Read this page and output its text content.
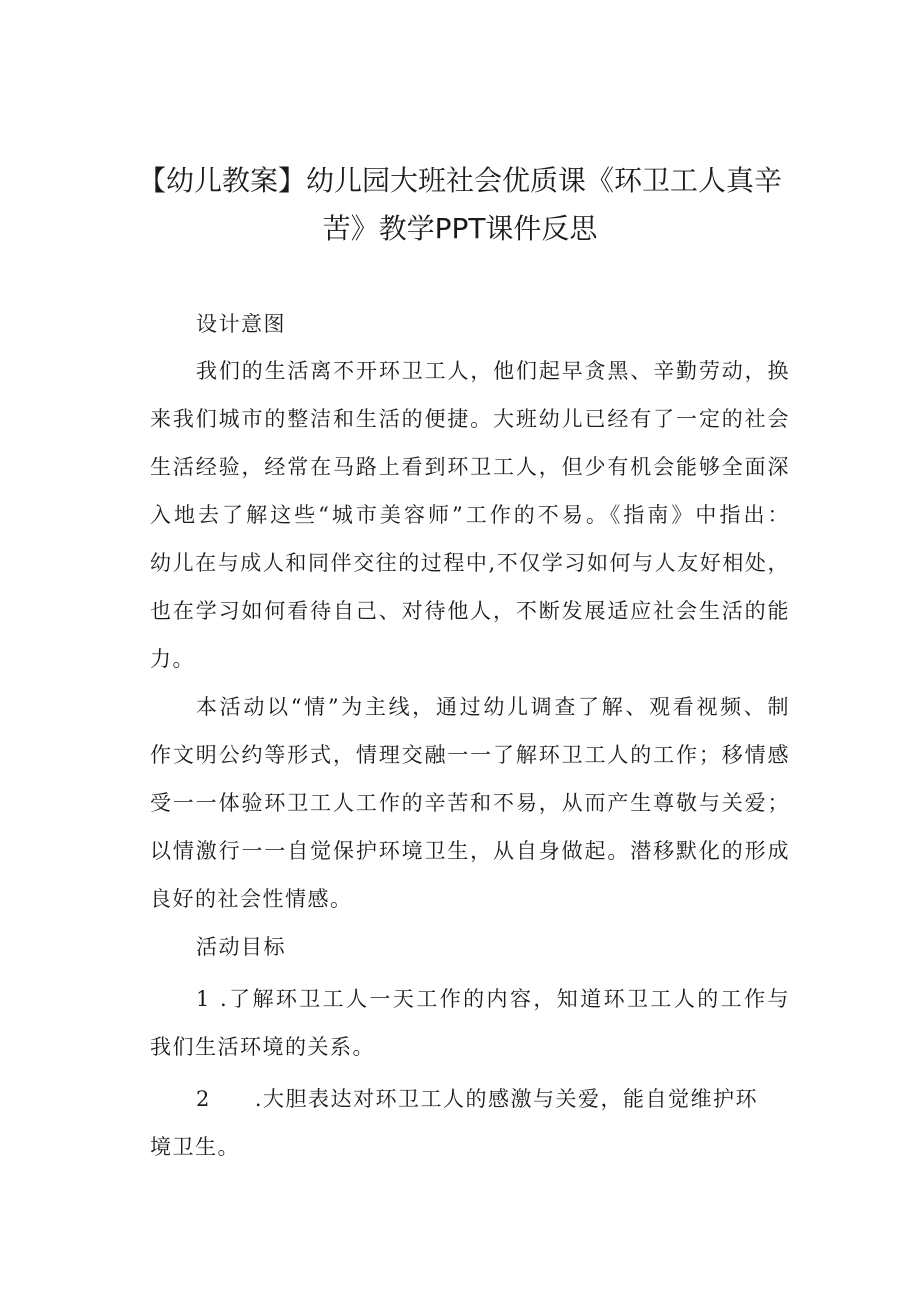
【幼儿教案】幼儿园大班社会优质课《环卫工人真辛
苦》教学PPT课件反思
设计意图
我们的生活离不开环卫工人，他们起早贪黑、辛勤劳动，换
来我们城市的整洁和生活的便捷。大班幼儿已经有了一定的社会
生活经验，经常在马路上看到环卫工人，但少有机会能够全面深
入地去了解这些“城市美容师”工作的不易。《指南》中指出：
幼儿在与成人和同伴交往的过程中,不仅学习如何与人友好相处，
也在学习如何看待自己、对待他人，不断发展适应社会生活的能
力。
本活动以“情”为主线，通过幼儿调查了解、观看视频、制
作文明公约等形式，情理交融一一了解环卫工人的工作；移情感
受一一体验环卫工人工作的辛苦和不易，从而产生尊敬与关爱；
以情激行一一自觉保护环境卫生，从自身做起。潜移默化的形成
良好的社会性情感。
活动目标
1 .了解环卫工人一天工作的内容，知道环卫工人的工作与
我们生活环境的关系。
2 .大胆表达对环卫工人的感激与关爱，能自觉维护环
境卫生。
